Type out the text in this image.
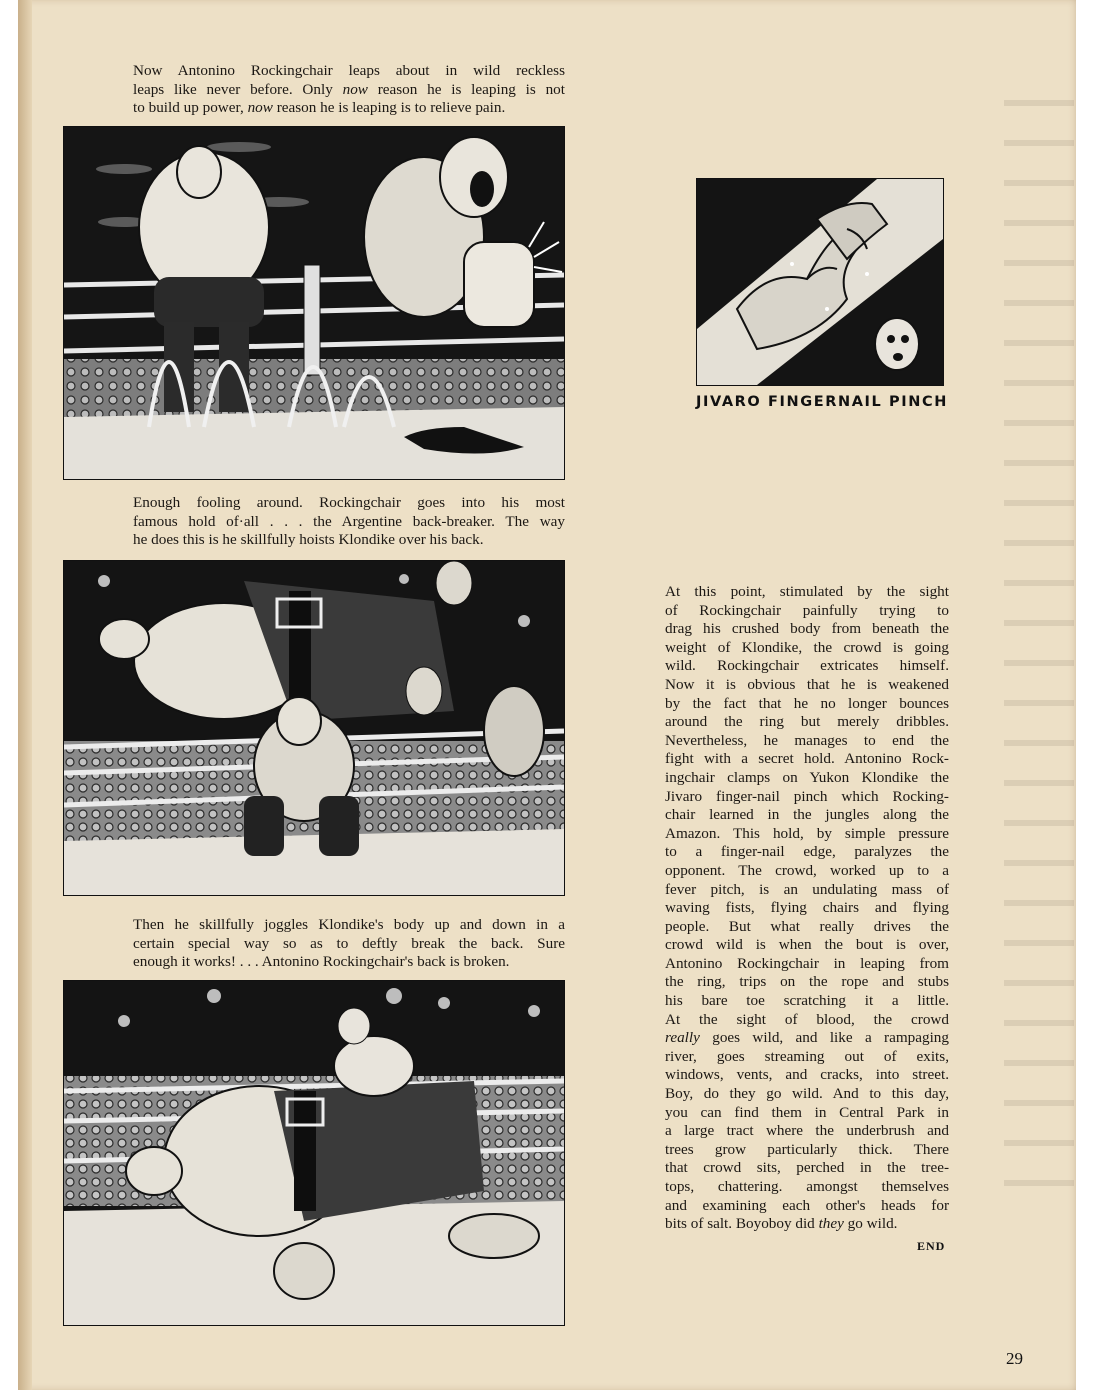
Now Antonino Rockingchair leaps about in wild reckless
leaps like never before. Only now reason he is leaping is not
to build up power, now reason he is leaping is to relieve pain.

Enough fooling around. Rockingchair goes into his most
famous hold of·all . . . the Argentine back-breaker. The way
he does this is he skillfully hoists Klondike over his back.

Then he skillfully joggles Klondike's body up and down in a
certain special way so as to deftly break the back. Sure
enough it works! . . . Antonino Rockingchair's back is broken.

JIVARO FINGERNAIL PINCH

At this point, stimulated by the sight
of Rockingchair painfully trying to
drag his crushed body from beneath the
weight of Klondike, the crowd is going
wild. Rockingchair extricates himself.
Now it is obvious that he is weakened
by the fact that he no longer bounces
around the ring but merely dribbles.
Nevertheless, he manages to end the
fight with a secret hold. Antonino Rock-
ingchair clamps on Yukon Klondike the
Jivaro finger-nail pinch which Rocking-
chair learned in the jungles along the
Amazon. This hold, by simple pressure
to a finger-nail edge, paralyzes the
opponent. The crowd, worked up to a
fever pitch, is an undulating mass of
waving fists, flying chairs and flying
people. But what really drives the
crowd wild is when the bout is over,
Antonino Rockingchair in leaping from
the ring, trips on the rope and stubs
his bare toe scratching it a little.
At the sight of blood, the crowd
really goes wild, and like a rampaging
river, goes streaming out of exits,
windows, vents, and cracks, into street.
Boy, do they go wild. And to this day,
you can find them in Central Park in
a large tract where the underbrush and
trees grow particularly thick. There
that crowd sits, perched in the tree-
tops, chattering. amongst themselves
and examining each other's heads for
bits of salt. Boyoboy did they go wild.

END
29
